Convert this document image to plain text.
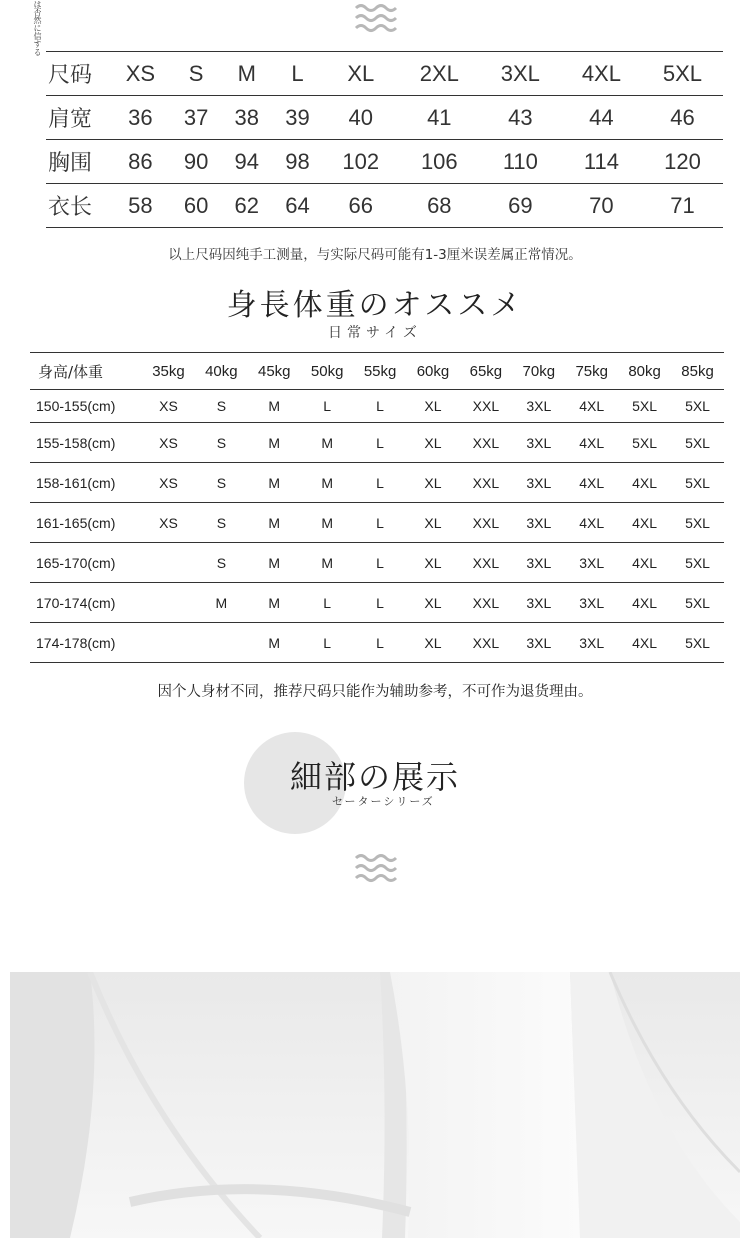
は否然に信する
尺码	XS	S	M	L	XL	2XL	3XL	4XL	5XL
肩宽	36	37	38	39	40	41	43	44	46
胸围	86	90	94	98	102	106	110	114	120
衣长	58	60	62	64	66	68	69	70	71
以上尺码因纯手工测量，与实际尺码可能有1-3厘米误差属正常情况。
身長体重のオススメ
日常サイズ
身高/体重	35kg	40kg	45kg	50kg	55kg	60kg	65kg	70kg	75kg	80kg	85kg
150-155(cm)	XS	S	M	L	L	XL	XXL	3XL	4XL	5XL	5XL
155-158(cm)	XS	S	M	M	L	XL	XXL	3XL	4XL	5XL	5XL
158-161(cm)	XS	S	M	M	L	XL	XXL	3XL	4XL	4XL	5XL
161-165(cm)	XS	S	M	M	L	XL	XXL	3XL	4XL	4XL	5XL
165-170(cm)		S	M	M	L	XL	XXL	3XL	3XL	4XL	5XL
170-174(cm)		M	M	L	L	XL	XXL	3XL	3XL	4XL	5XL
174-178(cm)			M	L	L	XL	XXL	3XL	3XL	4XL	5XL
因个人身材不同，推荐尺码只能作为辅助参考，不可作为退货理由。
細部の展示
セーターシリーズ
